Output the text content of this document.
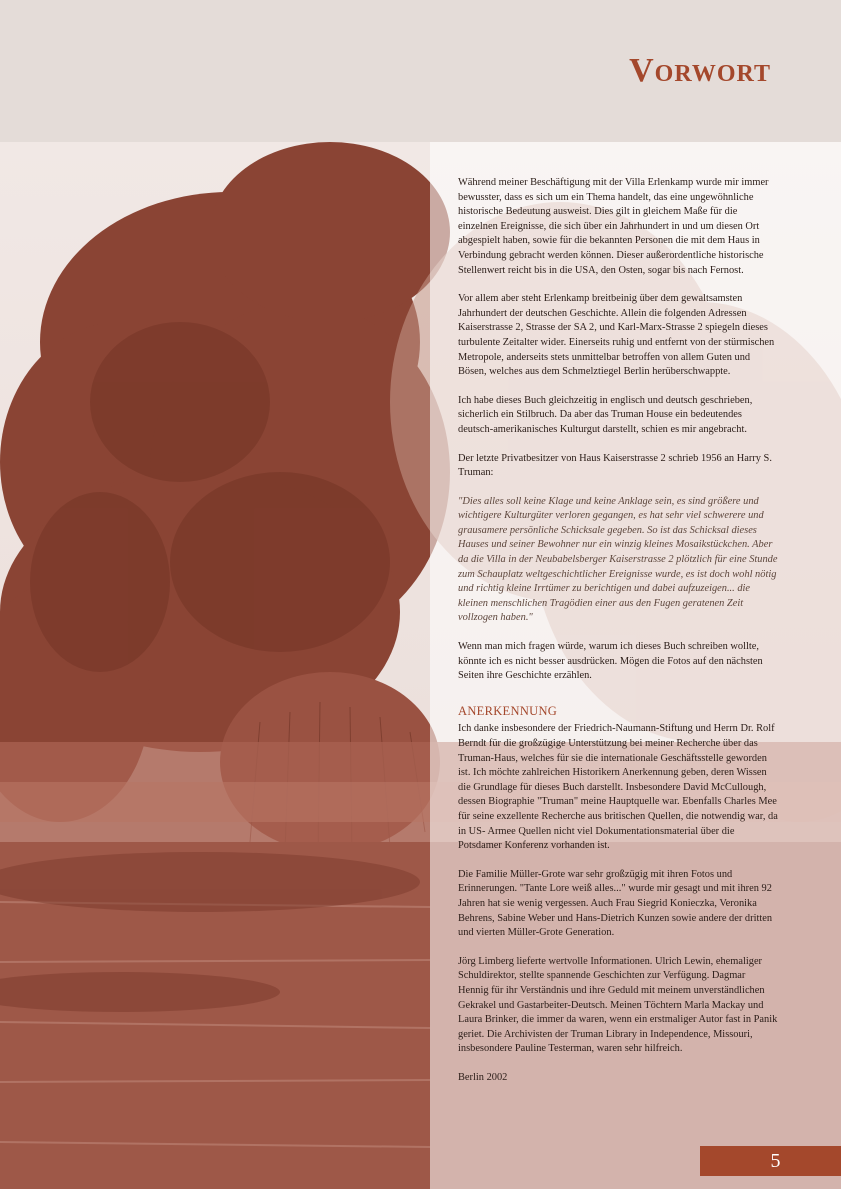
Vorwort

Während meiner Beschäftigung mit der Villa Erlenkamp wurde mir immer bewusster, dass es sich um ein Thema handelt, das eine ungewöhnliche historische Bedeutung ausweist. Dies gilt in gleichem Maße für die einzelnen Ereignisse, die sich über ein Jahrhundert in und um diesen Ort abgespielt haben, sowie für die bekannten Personen die mit dem Haus in Verbindung gebracht werden können. Dieser außerordentliche historische Stellenwert reicht bis in die USA, den Osten, sogar bis nach Fernost.

Vor allem aber steht Erlenkamp breitbeinig über dem gewaltsamsten Jahrhundert der deutschen Geschichte. Allein die folgenden Adressen Kaiserstrasse 2, Strasse der SA 2, und Karl-Marx-Strasse 2 spiegeln dieses turbulente Zeitalter wider. Einerseits ruhig und entfernt von der stürmischen Metropole, anderseits stets unmittelbar betroffen von allem Guten und Bösen, welches aus dem Schmelztiegel Berlin herüberschwappte.

Ich habe dieses Buch gleichzeitig in englisch und deutsch geschrieben, sicherlich ein Stilbruch. Da aber das Truman House ein bedeutendes deutsch-amerikanisches Kulturgut darstellt, schien es mir angebracht.

Der letzte Privatbesitzer von Haus Kaiserstrasse 2 schrieb 1956 an Harry S. Truman:

"Dies alles soll keine Klage und keine Anklage sein, es sind größere und wichtigere Kulturgüter verloren gegangen, es hat sehr viel schwerere und grausamere persönliche Schicksale gegeben. So ist das Schicksal dieses Hauses und seiner Bewohner nur ein winzig kleines Mosaikstückchen. Aber da die Villa in der Neubabelsberger Kaiserstrasse 2 plötzlich für eine Stunde zum Schauplatz weltgeschichtlicher Ereignisse wurde, es ist doch wohl nötig und richtig kleine Irrtümer zu berichtigen und dabei aufzuzeigen... die kleinen menschlichen Tragödien einer aus den Fugen geratenen Zeit vollzogen haben."

Wenn man mich fragen würde, warum ich dieses Buch schreiben wollte, könnte ich es nicht besser ausdrücken. Mögen die Fotos auf den nächsten Seiten ihre Geschichte erzählen.

ANERKENNUNG

Ich danke insbesondere der Friedrich-Naumann-Stiftung und Herrn Dr. Rolf Berndt für die großzügige Unterstützung bei meiner Recherche über das Truman-Haus, welches für sie die internationale Geschäftsstelle geworden ist. Ich möchte zahlreichen Historikern Anerkennung geben, deren Wissen die Grundlage für dieses Buch darstellt. Insbesondere David McCullough, dessen Biographie "Truman" meine Hauptquelle war. Ebenfalls Charles Mee für seine exzellente Recherche aus britischen Quellen, die notwendig war, da in US- Armee Quellen nicht viel Dokumentationsmaterial über die Potsdamer Konferenz vorhanden ist.

Die Familie Müller-Grote war sehr großzügig mit ihren Fotos und Erinnerungen. "Tante Lore weiß alles..." wurde mir gesagt und mit ihren 92 Jahren hat sie wenig vergessen. Auch Frau Siegrid Konieczka, Veronika Behrens, Sabine Weber und Hans-Dietrich Kunzen sowie andere der dritten und vierten Müller-Grote Generation.

Jörg Limberg lieferte wertvolle Informationen. Ulrich Lewin, ehemaliger Schuldirektor, stellte spannende Geschichten zur Verfügung. Dagmar Hennig für ihr Verständnis und ihre Geduld mit meinem unverständlichen Gekrakel und Gastarbeiter-Deutsch. Meinen Töchtern Marla Mackay und Laura Brinker, die immer da waren, wenn ein erstmaliger Autor fast in Panik geriet. Die Archivisten der Truman Library in Independence, Missouri, insbesondere Pauline Testerman, waren sehr hilfreich.

Berlin 2002

5
